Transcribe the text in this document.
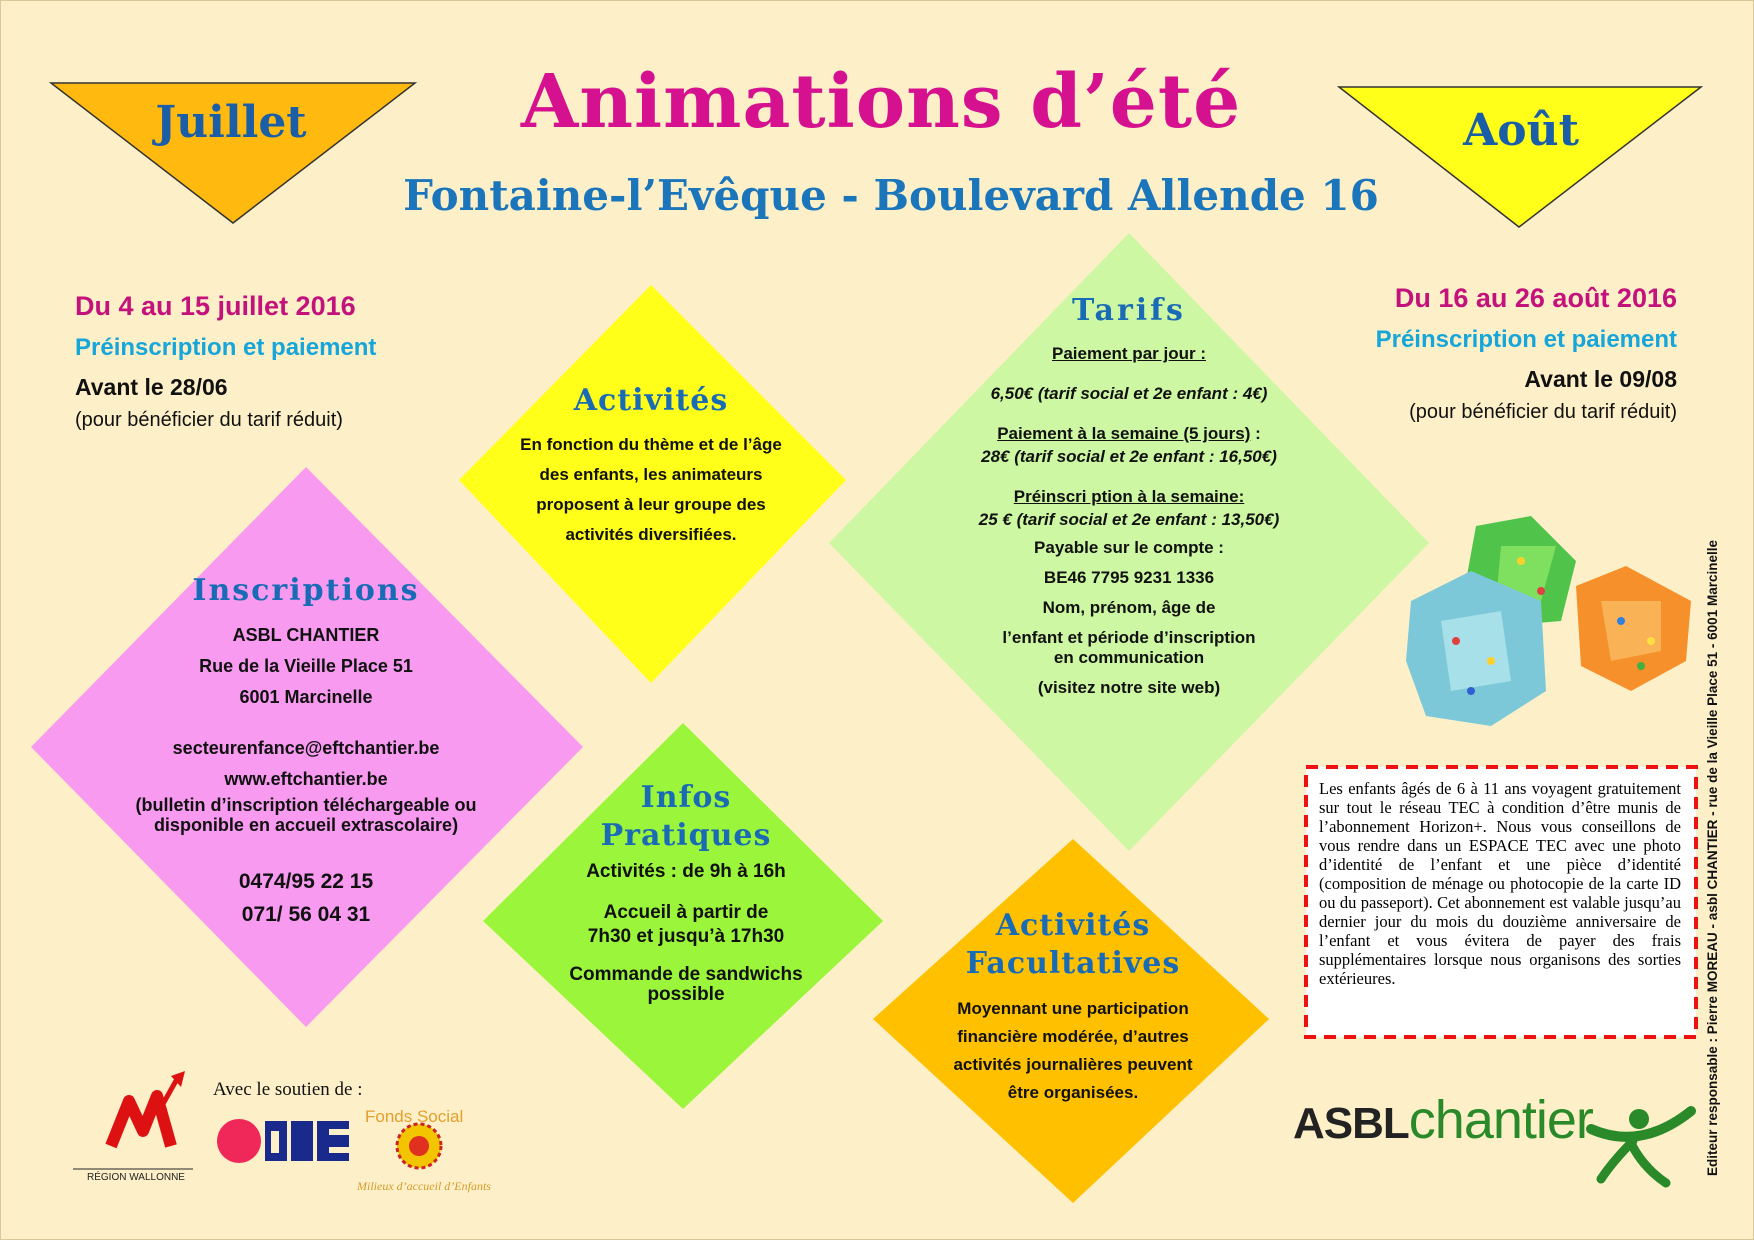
Juillet	Août
Animations d’été
Fontaine-l’Evêque - Boulevard Allende 16
Du 4 au 15 juillet 2016
Préinscription et paiement
Avant le 28/06
(pour bénéficier du tarif réduit)
Du 16 au 26 août 2016
Préinscription et paiement
Avant le 09/08
(pour bénéficier du tarif réduit)
Activités
En fonction du thème et de l’âge
des enfants, les animateurs
proposent à leur groupe des
activités diversifiées.
Tarifs
Paiement par jour :
6,50€ (tarif social et 2e enfant : 4€)
Paiement à la semaine (5 jours) :
28€ (tarif social et 2e enfant : 16,50€)
Préinscri ption à la semaine:
25 € (tarif social et 2e enfant : 13,50€)
Payable sur le compte :
BE46 7795 9231 1336
Nom, prénom, âge de
l’enfant et période d’inscription
en communication
(visitez notre site web)
Inscriptions
ASBL CHANTIER
Rue de la Vieille Place 51
6001 Marcinelle
secteurenfance@eftchantier.be
www.eftchantier.be
(bulletin d’inscription téléchargeable ou
disponible en accueil extrascolaire)
0474/95 22 15
071/ 56 04 31
Infos
Pratiques
Activités : de 9h à 16h
Accueil à partir de
7h30 et jusqu’à 17h30
Commande de sandwichs
possible
Activités
Facultatives
Moyennant une participation
financière modérée, d’autres
activités journalières peuvent
être organisées.
Les enfants âgés de 6 à 11 ans voyagent gratuitement sur tout le réseau TEC à condition d’être munis de l’abonnement Horizon+. Nous vous conseillons de vous rendre dans un ESPACE TEC avec une photo d’identité de l’enfant et une pièce d’identité (composition de ménage ou photocopie de la carte ID ou du passeport). Cet abonnement est valable jusqu’au dernier jour du mois du douzième anniversaire de l’enfant et vous évitera de payer des frais supplémentaires lorsque nous organisons des sorties extérieures.
Avec le soutien de :
RÉGION WALLONNE
Fonds Social
Milieux d’accueil d’Enfants
ASBLchantier	Editeur responsable : Pierre MOREAU - asbl CHANTIER - rue de la Vieille Place 51 - 6001 Marcinelle
